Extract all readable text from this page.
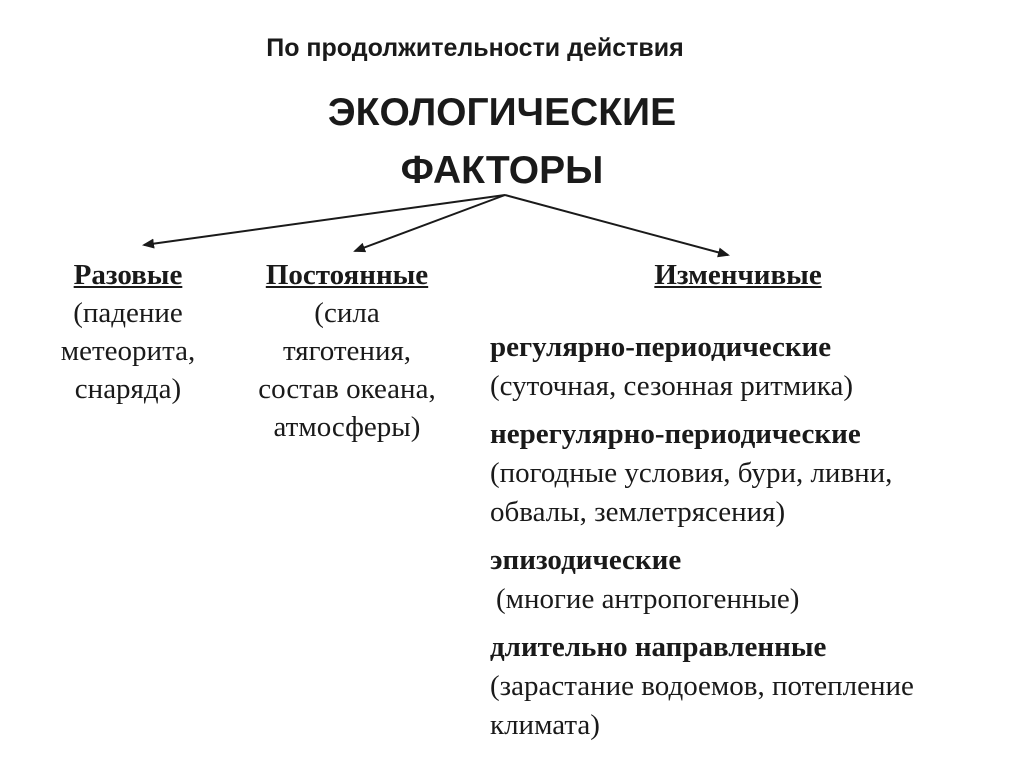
По продолжительности действия
ЭКОЛОГИЧЕСКИЕ
ФАКТОРЫ
Разовые
(падение
метеорита,
снаряда)
Постоянные
(сила
тяготения,
состав океана,
атмосферы)
Изменчивые
регулярно-периодические
(суточная, сезонная ритмика)
нерегулярно-периодические
(погодные условия, бури, ливни,
обвалы, землетрясения)
эпизодические
(многие антропогенные)
длительно направленные
(зарастание водоемов, потепление
климата)
